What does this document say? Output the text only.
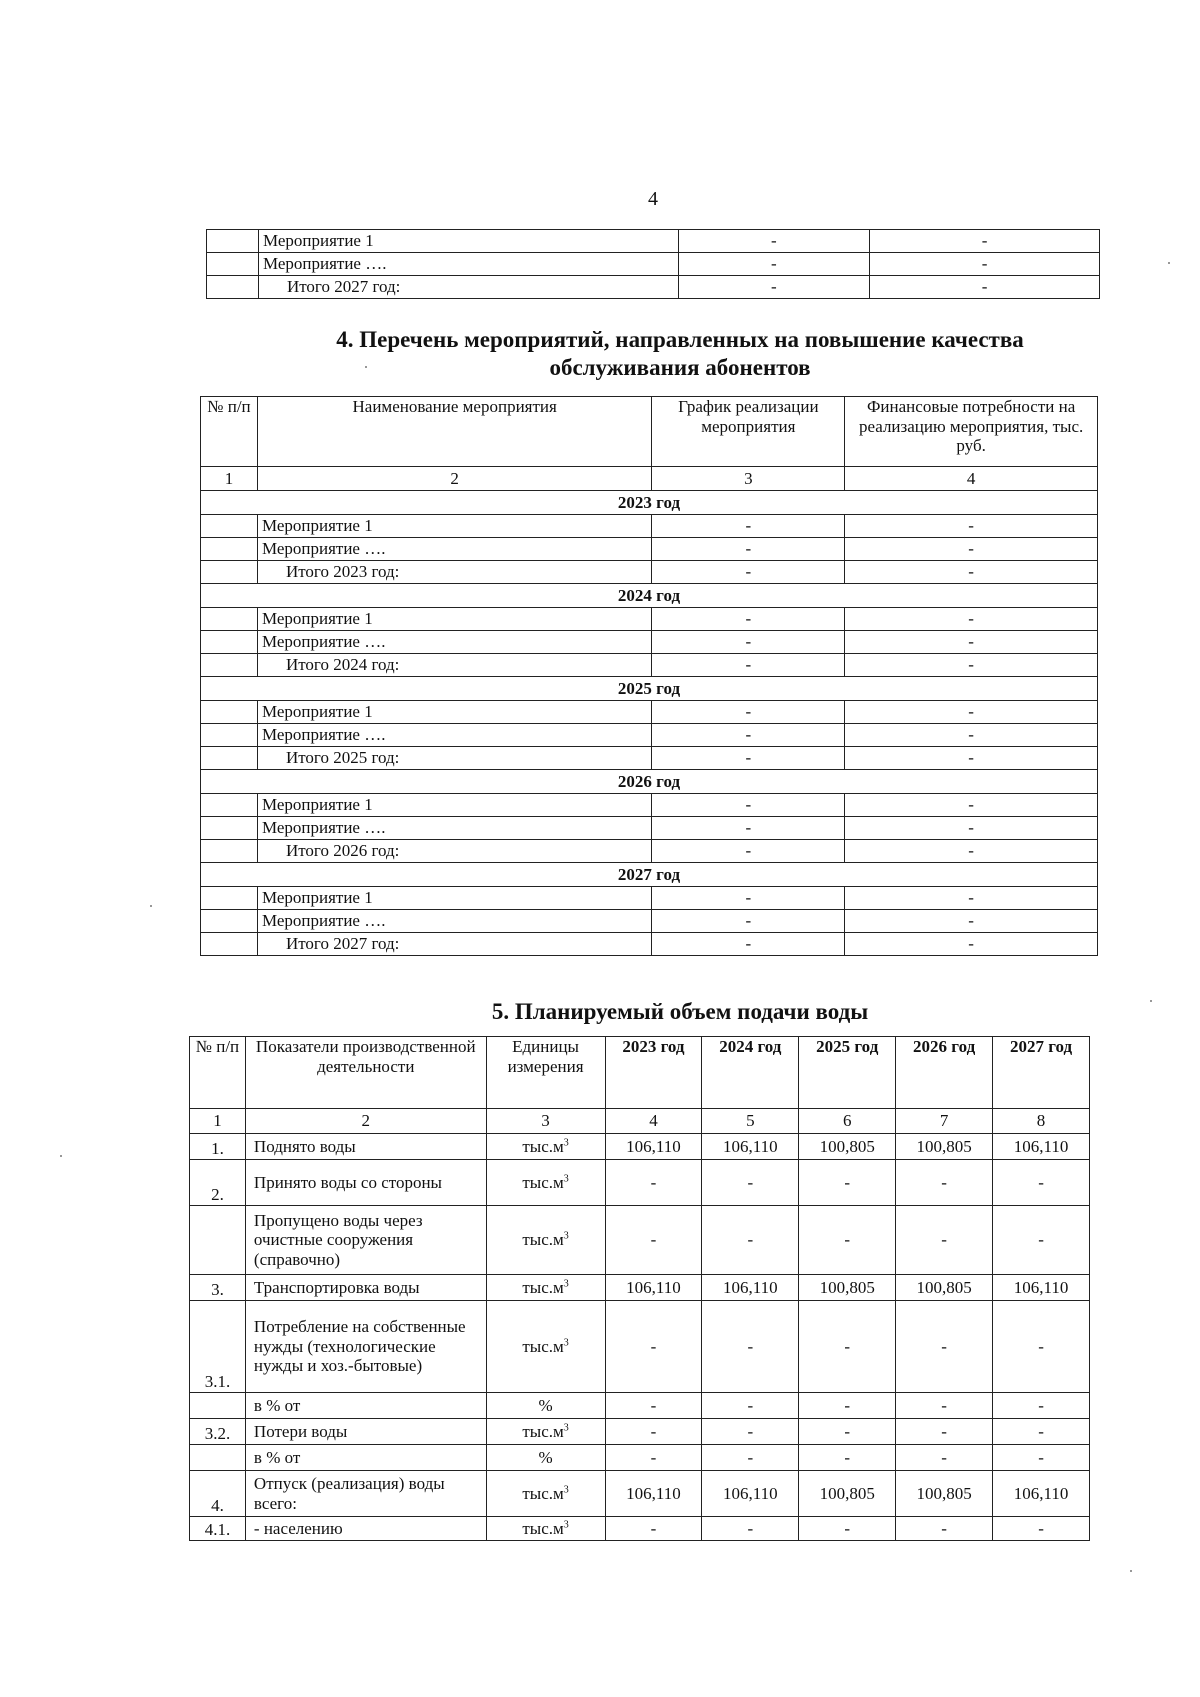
4
	Мероприятие 1	-	-
	Мероприятие ….	-	-
	Итого 2027 год:	-	-
4. Перечень мероприятий, направленных на повышение качества
обслуживания абонентов
№ п/п	Наименование мероприятия	График реализации мероприятия	Финансовые потребности на реализацию мероприятия, тыс. руб.
1	2	3	4
2023 год			
	Мероприятие 1	-	-
	Мероприятие ….	-	-
	Итого 2023 год:	-	-
2024 год			
	Мероприятие 1	-	-
	Мероприятие ….	-	-
	Итого 2024 год:	-	-
2025 год			
	Мероприятие 1	-	-
	Мероприятие ….	-	-
	Итого 2025 год:	-	-
2026 год			
	Мероприятие 1	-	-
	Мероприятие ….	-	-
	Итого 2026 год:	-	-
2027 год			
	Мероприятие 1	-	-
	Мероприятие ….	-	-
	Итого 2027 год:	-	-
5. Планируемый объем подачи воды
№ п/п	Показатели производственной деятельности	Единицы измерения	2023 год	2024 год	2025 год	2026 год	2027 год
1	2	3	4	5	6	7	8
1.	Поднято воды	$тыс.м^3$	106,110	106,110	100,805	100,805	106,110
2.	Принято воды со стороны	$тыс.м^3$	-	-	-	-	-
	Пропущено воды через очистные сооружения (справочно)	$тыс.м^3$	-	-	-	-	-
3.	Транспортировка воды	$тыс.м^3$	106,110	106,110	100,805	100,805	106,110
3.1.	Потребление на собственные нужды (технологические нужды и хоз.-бытовые)	$тыс.м^3$	-	-	-	-	-
	в % от	%	-	-	-	-	-
3.2.	Потери воды	$тыс.м^3$	-	-	-	-	-
	в % от	%	-	-	-	-	-
4.	Отпуск (реализация) воды всего:	$тыс.м^3$	106,110	106,110	100,805	100,805	106,110
4.1.	- населению	$тыс.м^3$	-	-	-	-	-
